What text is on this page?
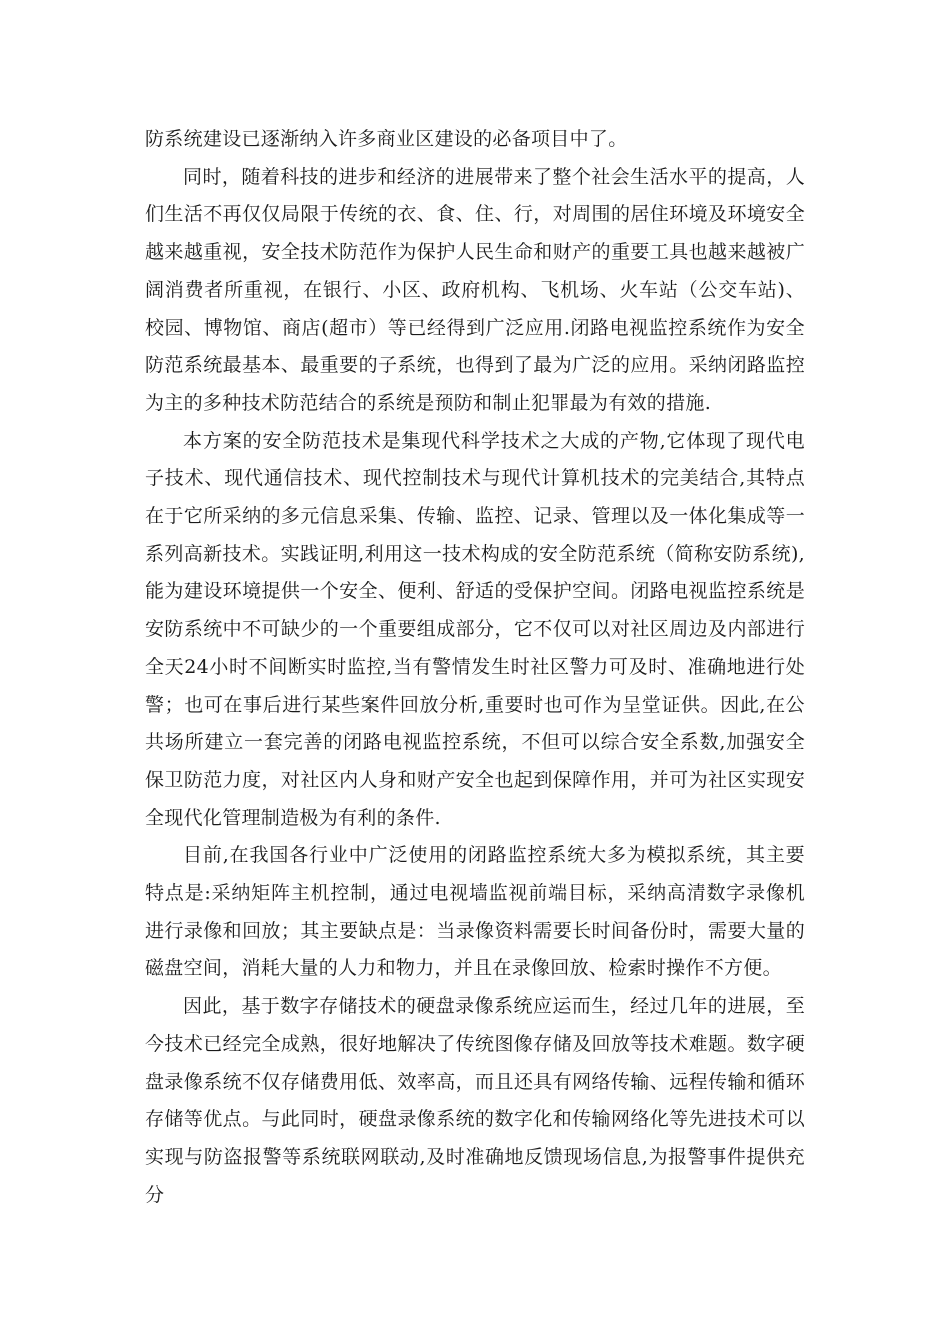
防系统建设已逐渐纳入许多商业区建设的必备项目中了。

同时，随着科技的进步和经济的进展带来了整个社会生活水平的提高，人们生活不再仅仅局限于传统的衣、食、住、行，对周围的居住环境及环境安全越来越重视，安全技术防范作为保护人民生命和财产的重要工具也越来越被广阔消费者所重视，在银行、小区、政府机构、飞机场、火车站（公交车站)、校园、博物馆、商店(超市）等已经得到广泛应用.闭路电视监控系统作为安全防范系统最基本、最重要的子系统，也得到了最为广泛的应用。采纳闭路监控为主的多种技术防范结合的系统是预防和制止犯罪最为有效的措施.

本方案的安全防范技术是集现代科学技术之大成的产物,它体现了现代电子技术、现代通信技术、现代控制技术与现代计算机技术的完美结合,其特点在于它所采纳的多元信息采集、传输、监控、记录、管理以及一体化集成等一系列高新技术。实践证明,利用这一技术构成的安全防范系统（简称安防系统),能为建设环境提供一个安全、便利、舒适的受保护空间。闭路电视监控系统是安防系统中不可缺少的一个重要组成部分，它不仅可以对社区周边及内部进行全天24小时不间断实时监控,当有警情发生时社区警力可及时、准确地进行处警；也可在事后进行某些案件回放分析,重要时也可作为呈堂证供。因此,在公共场所建立一套完善的闭路电视监控系统，不但可以综合安全系数,加强安全保卫防范力度，对社区内人身和财产安全也起到保障作用，并可为社区实现安全现代化管理制造极为有利的条件.

目前,在我国各行业中广泛使用的闭路监控系统大多为模拟系统，其主要特点是:采纳矩阵主机控制，通过电视墙监视前端目标，采纳高清数字录像机进行录像和回放；其主要缺点是：当录像资料需要长时间备份时，需要大量的磁盘空间，消耗大量的人力和物力，并且在录像回放、检索时操作不方便。

因此，基于数字存储技术的硬盘录像系统应运而生，经过几年的进展，至今技术已经完全成熟，很好地解决了传统图像存储及回放等技术难题。数字硬盘录像系统不仅存储费用低、效率高，而且还具有网络传输、远程传输和循环存储等优点。与此同时，硬盘录像系统的数字化和传输网络化等先进技术可以实现与防盗报警等系统联网联动,及时准确地反馈现场信息,为报警事件提供充分
